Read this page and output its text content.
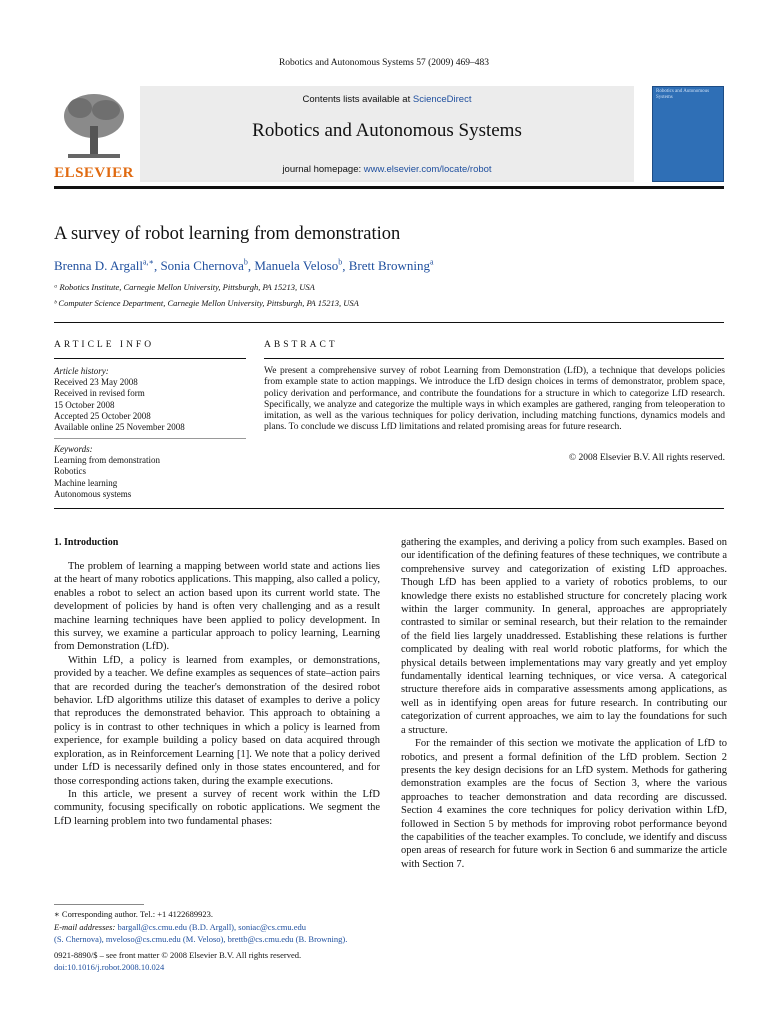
Robotics and Autonomous Systems 57 (2009) 469–483
ELSEVIER
Contents lists available at ScienceDirect
Robotics and Autonomous Systems
journal homepage: www.elsevier.com/locate/robot
Robotics and Autonomous Systems
A survey of robot learning from demonstration
Brenna D. Argall$^{a,∗}$, Sonia Chernova$^b$, Manuela Veloso$^b$, Brett Browning$^a$
ᵃ Robotics Institute, Carnegie Mellon University, Pittsburgh, PA 15213, USA
ᵇ Computer Science Department, Carnegie Mellon University, Pittsburgh, PA 15213, USA
ARTICLE INFO	ABSTRACT
Article history:
Received 23 May 2008
Received in revised form
15 October 2008
Accepted 25 October 2008
Available online 25 November 2008
Keywords:
Learning from demonstration
Robotics
Machine learning
Autonomous systems
We present a comprehensive survey of robot Learning from Demonstration (LfD), a technique that develops policies from example state to action mappings. We introduce the LfD design choices in terms of demonstrator, problem space, policy derivation and performance, and contribute the foundations for a structure in which to categorize LfD research. Specifically, we analyze and categorize the multiple ways in which examples are gathered, ranging from teleoperation to imitation, as well as the various techniques for policy derivation, including matching functions, dynamics models and plans. To conclude we discuss LfD limitations and related promising areas for future research.
© 2008 Elsevier B.V. All rights reserved.
1. Introduction

The problem of learning a mapping between world state and actions lies at the heart of many robotics applications. This mapping, also called a policy, enables a robot to select an action based upon its current world state. The development of policies by hand is often very challenging and as a result machine learning techniques have been applied to policy development. In this survey, we examine a particular approach to policy learning, Learning from Demonstration (LfD).

Within LfD, a policy is learned from examples, or demonstrations, provided by a teacher. We define examples as sequences of state–action pairs that are recorded during the teacher's demonstration of the desired robot behavior. LfD algorithms utilize this dataset of examples to derive a policy that reproduces the demonstrated behavior. This approach to obtaining a policy is in contrast to other techniques in which a policy is learned from experience, for example building a policy based on data acquired through exploration, as in Reinforcement Learning [1]. We note that a policy derived under LfD is necessarily defined only in those states encountered, and for those corresponding actions taken, during the example executions.

In this article, we present a survey of recent work within the LfD community, focusing specifically on robotic applications. We segment the LfD learning problem into two fundamental phases:

gathering the examples, and deriving a policy from such examples. Based on our identification of the defining features of these techniques, we contribute a comprehensive survey and categorization of existing LfD approaches. Though LfD has been applied to a variety of robotics problems, to our knowledge there exists no established structure for concretely placing work within the larger community. In general, approaches are appropriately contrasted to similar or seminal research, but their relation to the remainder of the field lies largely unaddressed. Establishing these relations is further complicated by dealing with real world robotic platforms, for which the physical details between implementations may vary greatly and yet employ fundamentally identical learning techniques, or vice versa. A categorical structure therefore aids in comparative assessments among applications, as well as in identifying open areas for future research. In contributing our categorization of current approaches, we aim to lay the foundations for such a structure.

For the remainder of this section we motivate the application of LfD to robotics, and present a formal definition of the LfD problem. Section 2 presents the key design decisions for an LfD system. Methods for gathering demonstration examples are the focus of Section 3, where the various approaches to teacher demonstration and data recording are discussed. Section 4 examines the core techniques for policy derivation within LfD, followed in Section 5 by methods for improving robot performance beyond the capabilities of the teacher examples. To conclude, we identify and discuss open areas of research for future work in Section 6 and summarize the article with Section 7.

∗ Corresponding author. Tel.: +1 4122689923.
E-mail addresses: bargall@cs.cmu.edu (B.D. Argall), soniac@cs.cmu.edu
(S. Chernova), mveloso@cs.cmu.edu (M. Veloso), brettb@cs.cmu.edu (B. Browning).
0921-8890/$ – see front matter © 2008 Elsevier B.V. All rights reserved.
doi:10.1016/j.robot.2008.10.024
